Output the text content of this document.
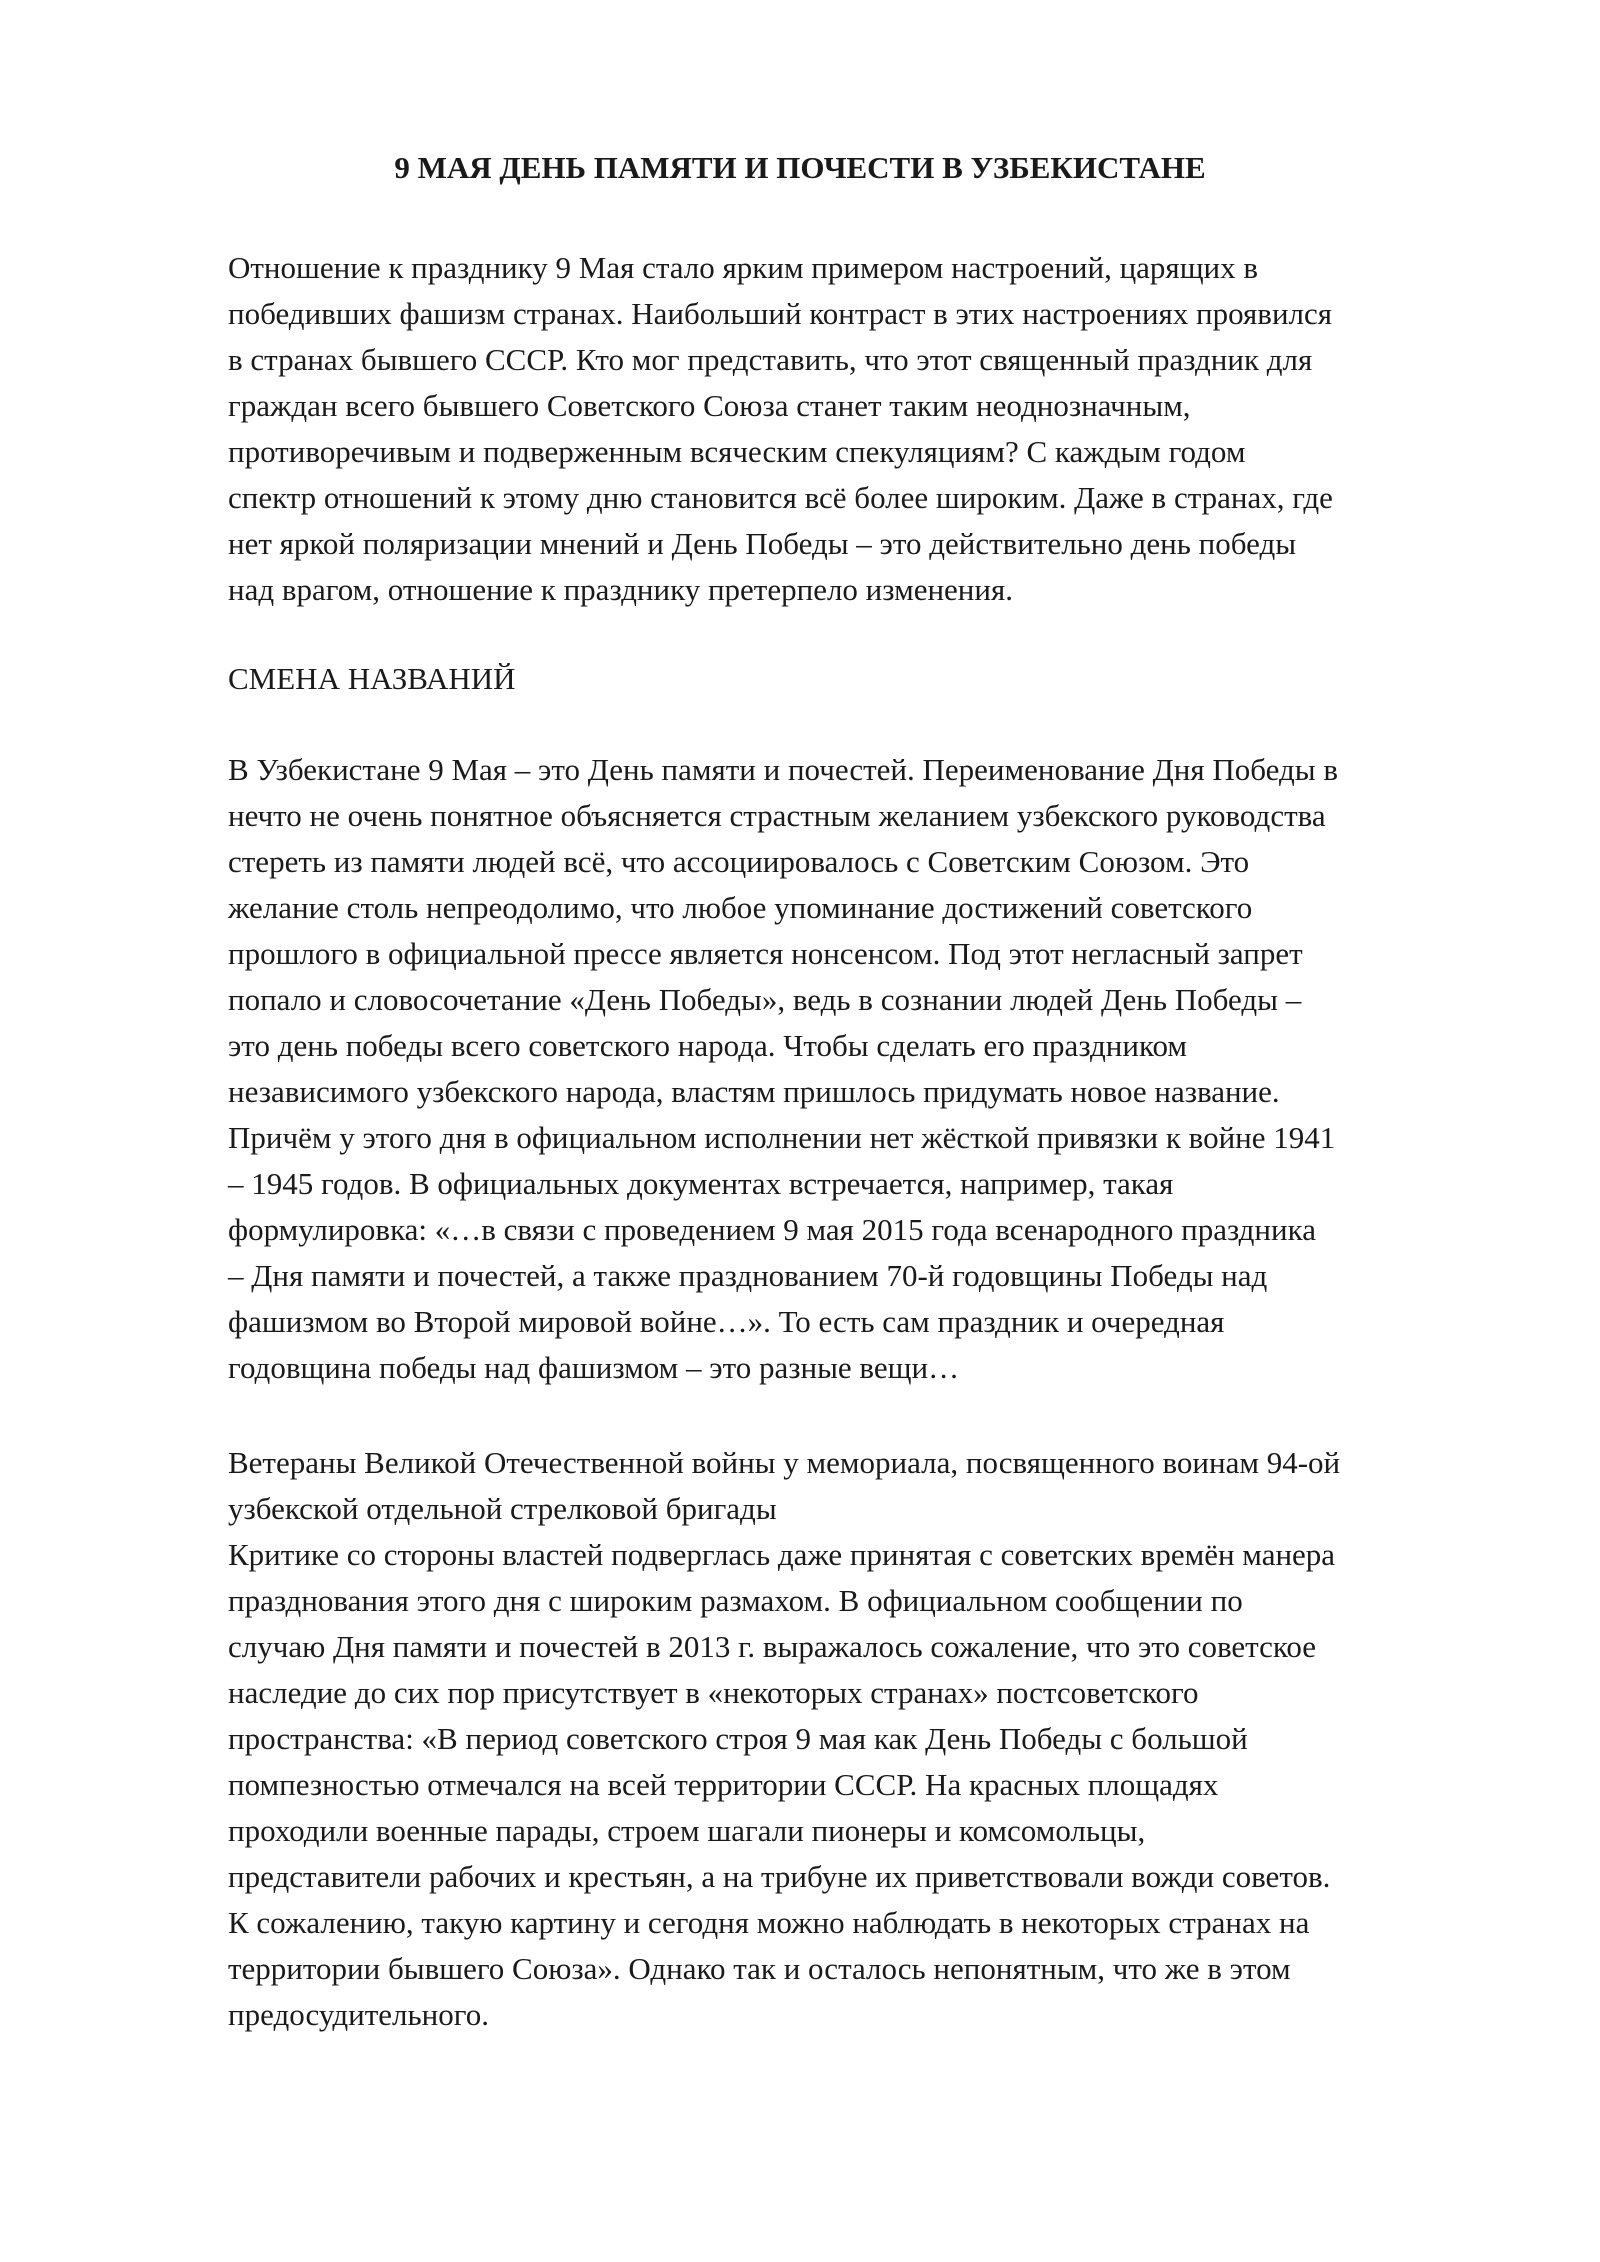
9 МАЯ ДЕНЬ ПАМЯТИ И ПОЧЕСТИ В УЗБЕКИСТАНЕ

Отношение к празднику 9 Мая стало ярким примером настроений, царящих в
победивших фашизм странах. Наибольший контраст в этих настроениях проявился
в странах бывшего СССР. Кто мог представить, что этот священный праздник для
граждан всего бывшего Советского Союза станет таким неоднозначным,
противоречивым и подверженным всяческим спекуляциям? С каждым годом
спектр отношений к этому дню становится всё более широким. Даже в странах, где
нет яркой поляризации мнений и День Победы – это действительно день победы
над врагом, отношение к празднику претерпело изменения.

СМЕНА НАЗВАНИЙ

В Узбекистане 9 Мая – это День памяти и почестей. Переименование Дня Победы в
нечто не очень понятное объясняется страстным желанием узбекского руководства
стереть из памяти людей всё, что ассоциировалось с Советским Союзом. Это
желание столь непреодолимо, что любое упоминание достижений советского
прошлого в официальной прессе является нонсенсом. Под этот негласный запрет
попало и словосочетание «День Победы», ведь в сознании людей День Победы –
это день победы всего советского народа. Чтобы сделать его праздником
независимого узбекского народа, властям пришлось придумать новое название.
Причём у этого дня в официальном исполнении нет жёсткой привязки к войне 1941
– 1945 годов. В официальных документах встречается, например, такая
формулировка: «…в связи с проведением 9 мая 2015 года всенародного праздника
– Дня памяти и почестей, а также празднованием 70-й годовщины Победы над
фашизмом во Второй мировой войне…». То есть сам праздник и очередная
годовщина победы над фашизмом – это разные вещи…

Ветераны Великой Отечественной войны у мемориала, посвященного воинам 94-ой
узбекской отдельной стрелковой бригады

Критике со стороны властей подверглась даже принятая с советских времён манера
празднования этого дня с широким размахом. В официальном сообщении по
случаю Дня памяти и почестей в 2013 г. выражалось сожаление, что это советское
наследие до сих пор присутствует в «некоторых странах» постсоветского
пространства: «В период советского строя 9 мая как День Победы с большой
помпезностью отмечался на всей территории СССР. На красных площадях
проходили военные парады, строем шагали пионеры и комсомольцы,
представители рабочих и крестьян, а на трибуне их приветствовали вожди советов.
К сожалению, такую картину и сегодня можно наблюдать в некоторых странах на
территории бывшего Союза». Однако так и осталось непонятным, что же в этом
предосудительного.
